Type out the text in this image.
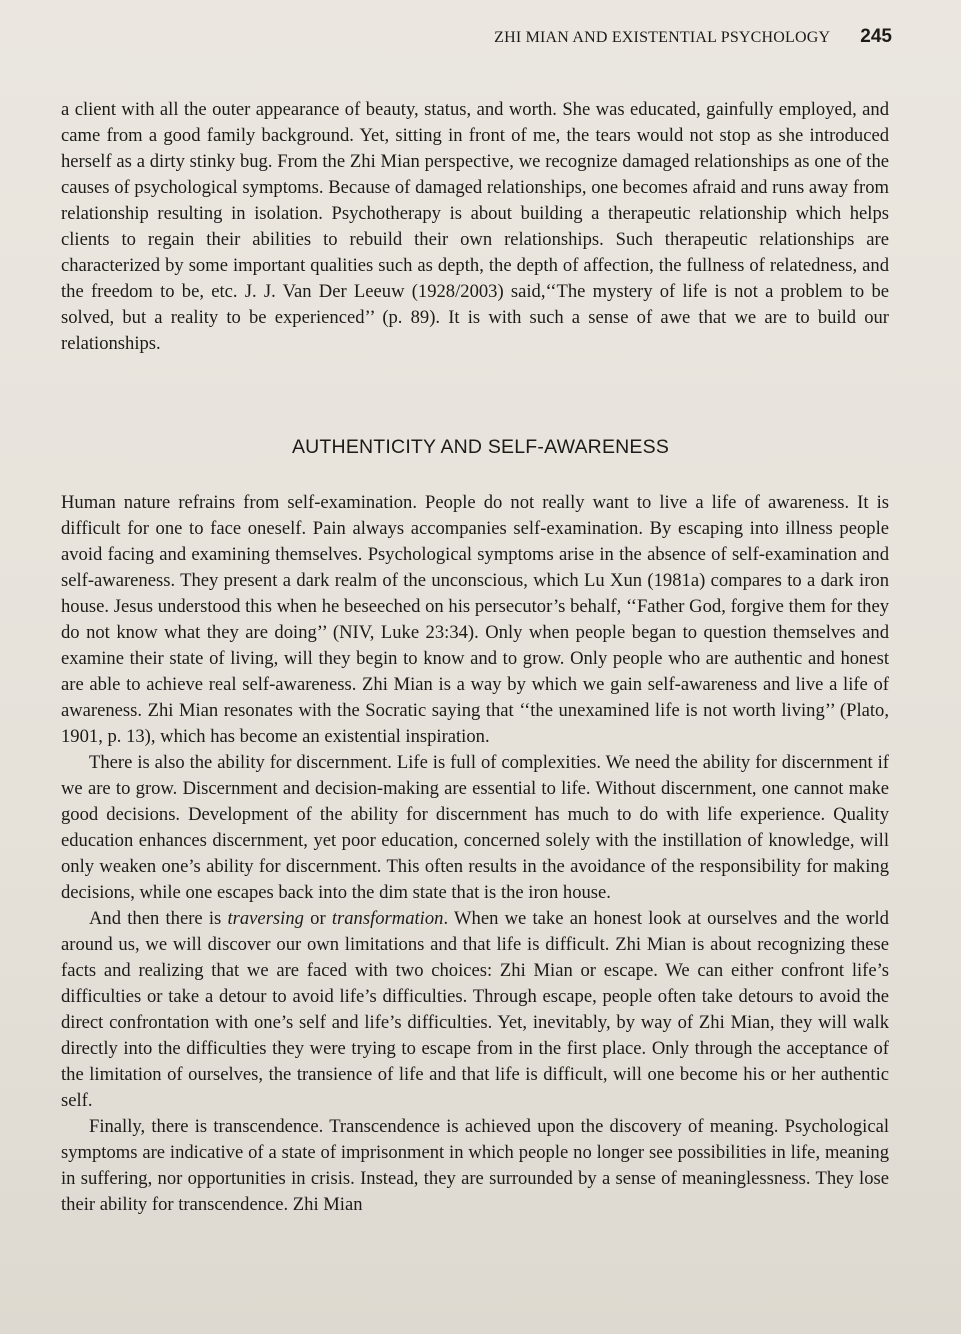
ZHI MIAN AND EXISTENTIAL PSYCHOLOGY 245

a client with all the outer appearance of beauty, status, and worth. She was educated, gainfully employed, and came from a good family background. Yet, sitting in front of me, the tears would not stop as she introduced herself as a dirty stinky bug. From the Zhi Mian perspective, we recognize damaged relationships as one of the causes of psychological symptoms. Because of damaged relationships, one becomes afraid and runs away from relationship resulting in isolation. Psychotherapy is about building a therapeutic relationship which helps clients to regain their abilities to rebuild their own relationships. Such therapeutic relationships are characterized by some important qualities such as depth, the depth of affection, the fullness of relatedness, and the freedom to be, etc. J. J. Van Der Leeuw (1928/2003) said,‘‘The mystery of life is not a problem to be solved, but a reality to be experienced’’ (p. 89). It is with such a sense of awe that we are to build our relationships.

AUTHENTICITY AND SELF-AWARENESS

Human nature refrains from self-examination. People do not really want to live a life of awareness. It is difficult for one to face oneself. Pain always accompanies self-examination. By escaping into illness people avoid facing and examining themselves. Psychological symptoms arise in the absence of self-examination and self-awareness. They present a dark realm of the unconscious, which Lu Xun (1981a) compares to a dark iron house. Jesus understood this when he beseeched on his persecutor’s behalf, ‘‘Father God, forgive them for they do not know what they are doing’’ (NIV, Luke 23:34). Only when people began to question themselves and examine their state of living, will they begin to know and to grow. Only people who are authentic and honest are able to achieve real self-awareness. Zhi Mian is a way by which we gain self-awareness and live a life of awareness. Zhi Mian resonates with the Socratic saying that ‘‘the unexamined life is not worth living’’ (Plato, 1901, p. 13), which has become an existential inspiration.

There is also the ability for discernment. Life is full of complexities. We need the ability for discernment if we are to grow. Discernment and decision-making are essential to life. Without discernment, one cannot make good decisions. Development of the ability for discernment has much to do with life experience. Quality education enhances discernment, yet poor education, concerned solely with the instillation of knowledge, will only weaken one’s ability for discernment. This often results in the avoidance of the responsibility for making decisions, while one escapes back into the dim state that is the iron house.

And then there is traversing or transformation. When we take an honest look at ourselves and the world around us, we will discover our own limitations and that life is difficult. Zhi Mian is about recognizing these facts and realizing that we are faced with two choices: Zhi Mian or escape. We can either confront life’s difficulties or take a detour to avoid life’s difficulties. Through escape, people often take detours to avoid the direct confrontation with one’s self and life’s difficulties. Yet, inevitably, by way of Zhi Mian, they will walk directly into the difficulties they were trying to escape from in the first place. Only through the acceptance of the limitation of ourselves, the transience of life and that life is difficult, will one become his or her authentic self.

Finally, there is transcendence. Transcendence is achieved upon the discovery of meaning. Psychological symptoms are indicative of a state of imprisonment in which people no longer see possibilities in life, meaning in suffering, nor opportunities in crisis. Instead, they are surrounded by a sense of meaninglessness. They lose their ability for transcendence. Zhi Mian
